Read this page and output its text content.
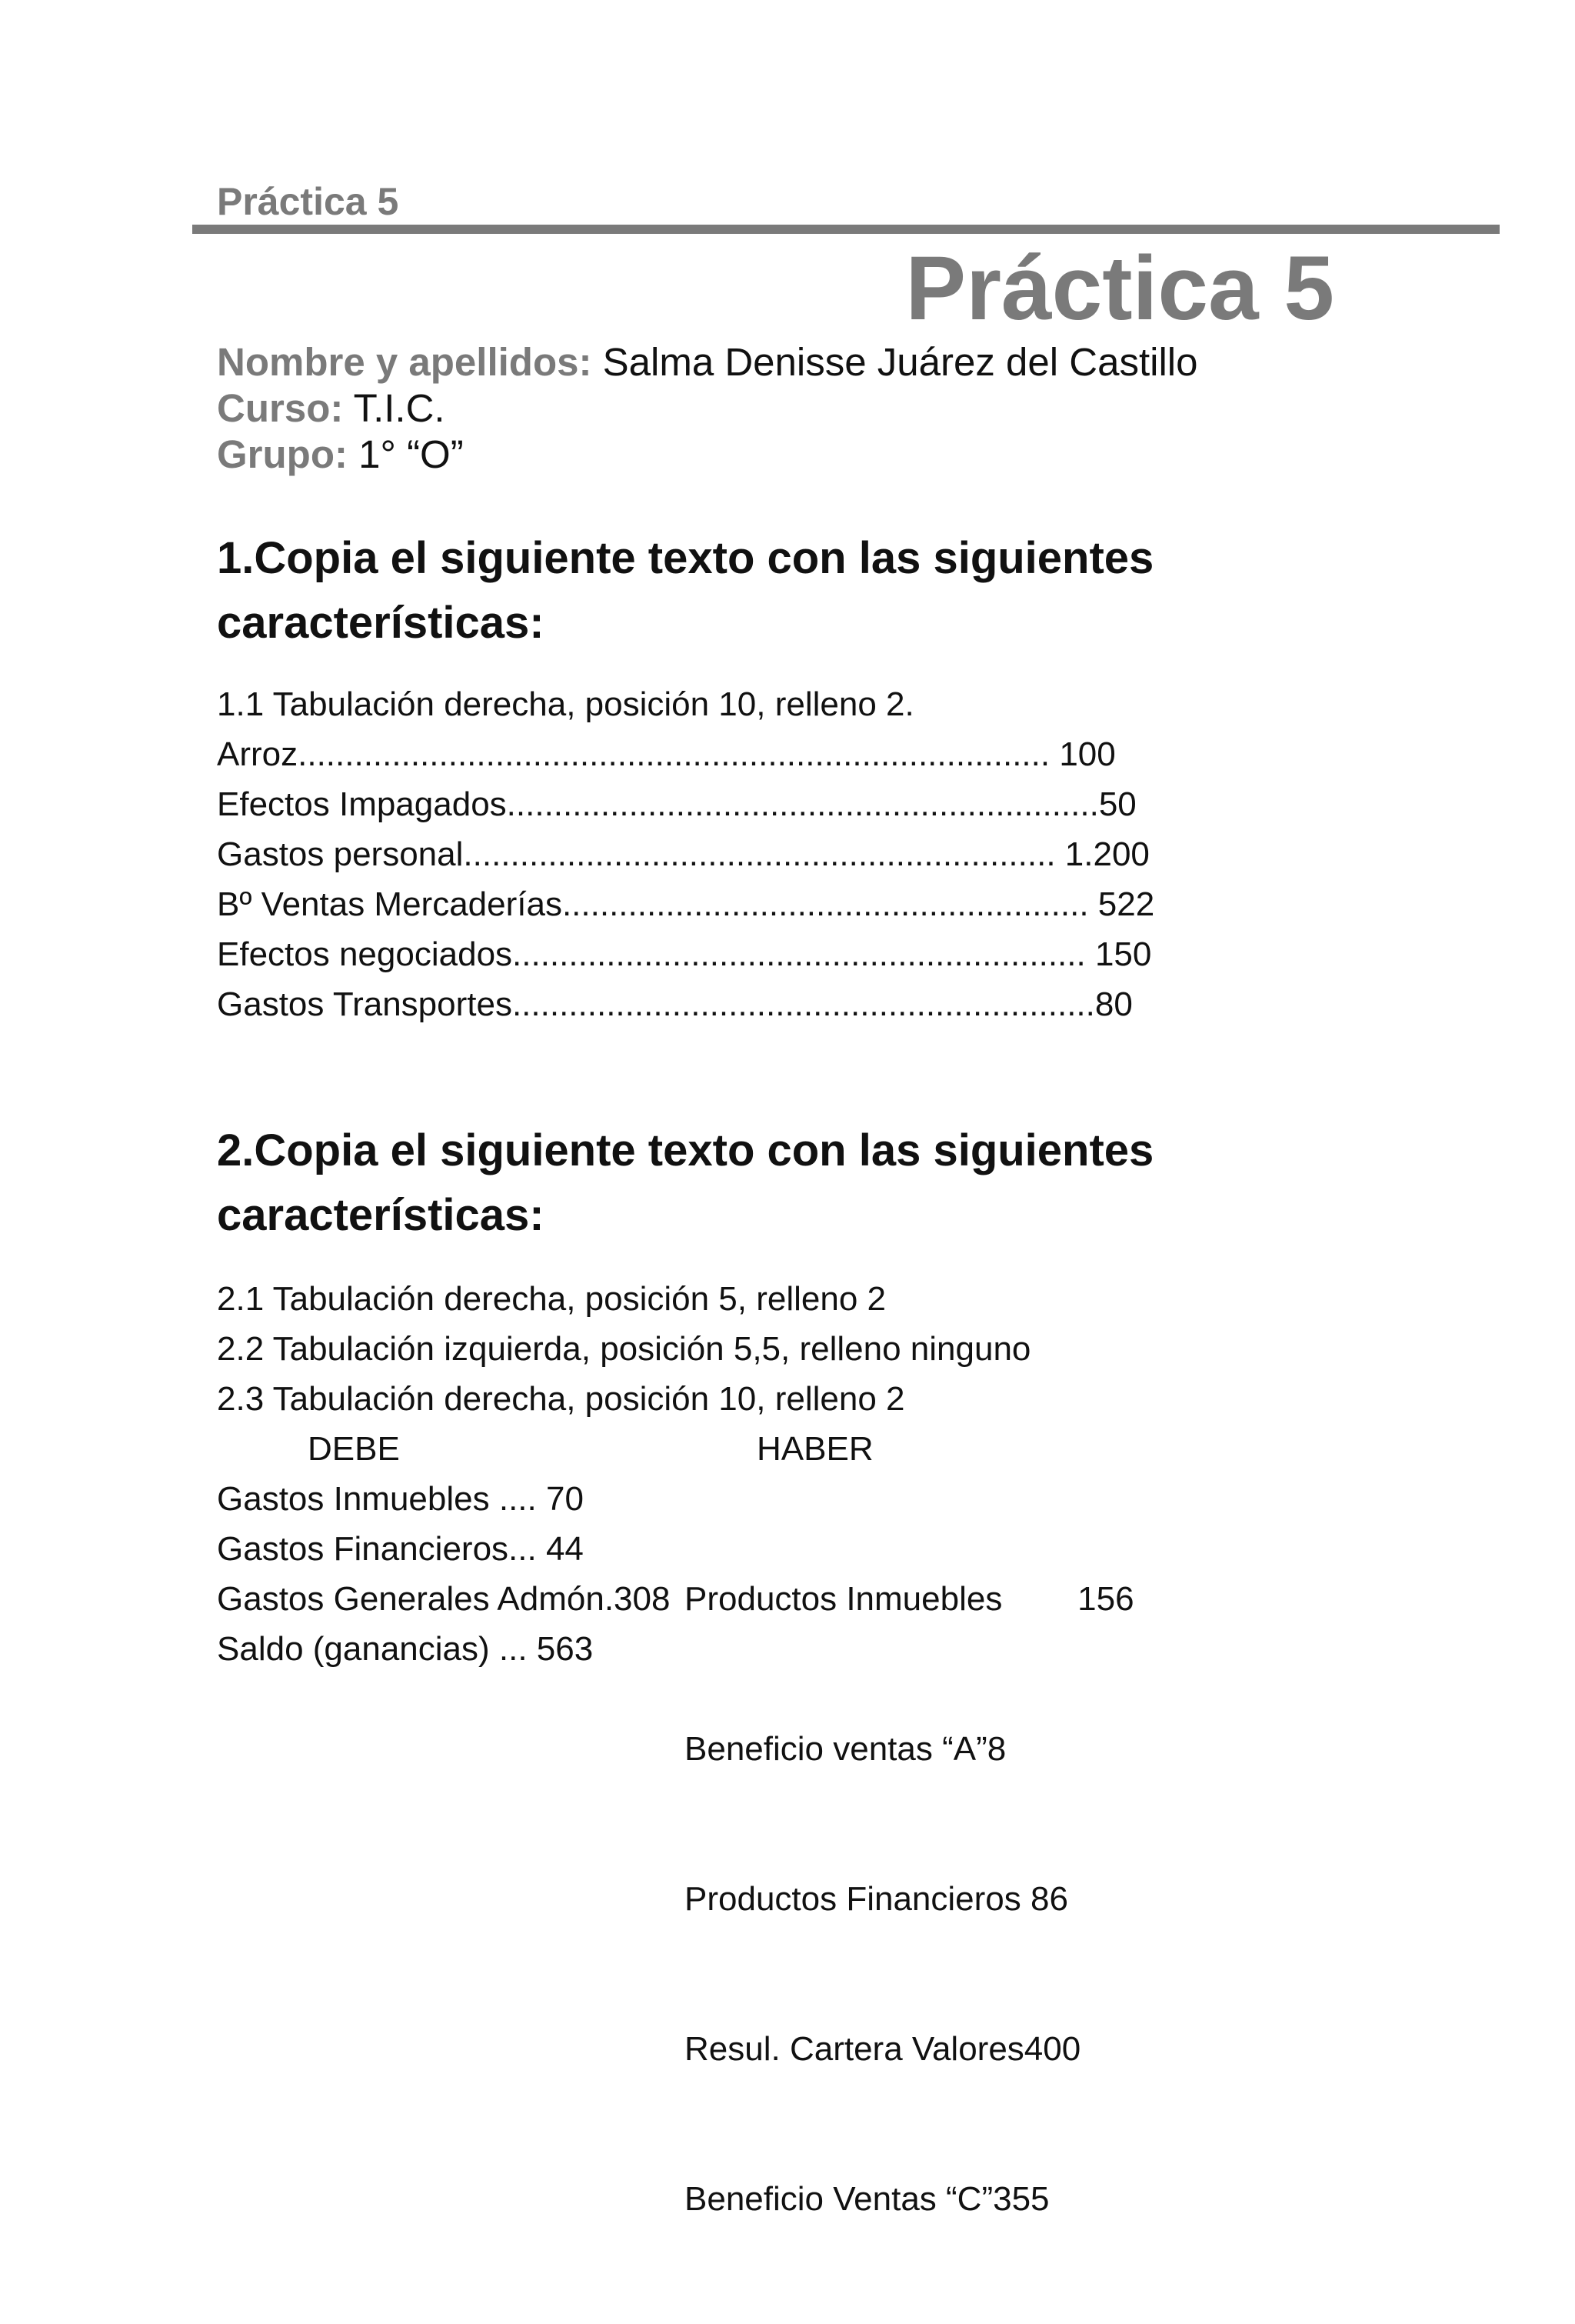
Práctica 5
Práctica 5
Nombre y apellidos: Salma Denisse Juárez del Castillo
Curso: T.I.C.
Grupo: 1° “O”
1.Copia el siguiente texto con las siguientes
características:
1.1 Tabulación derecha, posición 10, relleno 2.
Arroz................................................................................ 100
Efectos Impagados...............................................................50
Gastos personal............................................................... 1.200
Bº Ventas Mercaderías........................................................ 522
Efectos negociados............................................................. 150
Gastos Transportes..............................................................80
2.Copia el siguiente texto con las siguientes
características:
2.1 Tabulación derecha, posición 5, relleno 2
2.2 Tabulación izquierda, posición 5,5, relleno ninguno
2.3 Tabulación derecha, posición 10, relleno 2
DEBE	HABER
Gastos Inmuebles .... 70
Gastos Financieros... 44
Gastos Generales Admón.308
Saldo (ganancias) ... 563

Productos Inmuebles        156

Beneficio ventas “A”8

Productos Financieros 86

Resul. Cartera Valores400

Beneficio Ventas “C”355
